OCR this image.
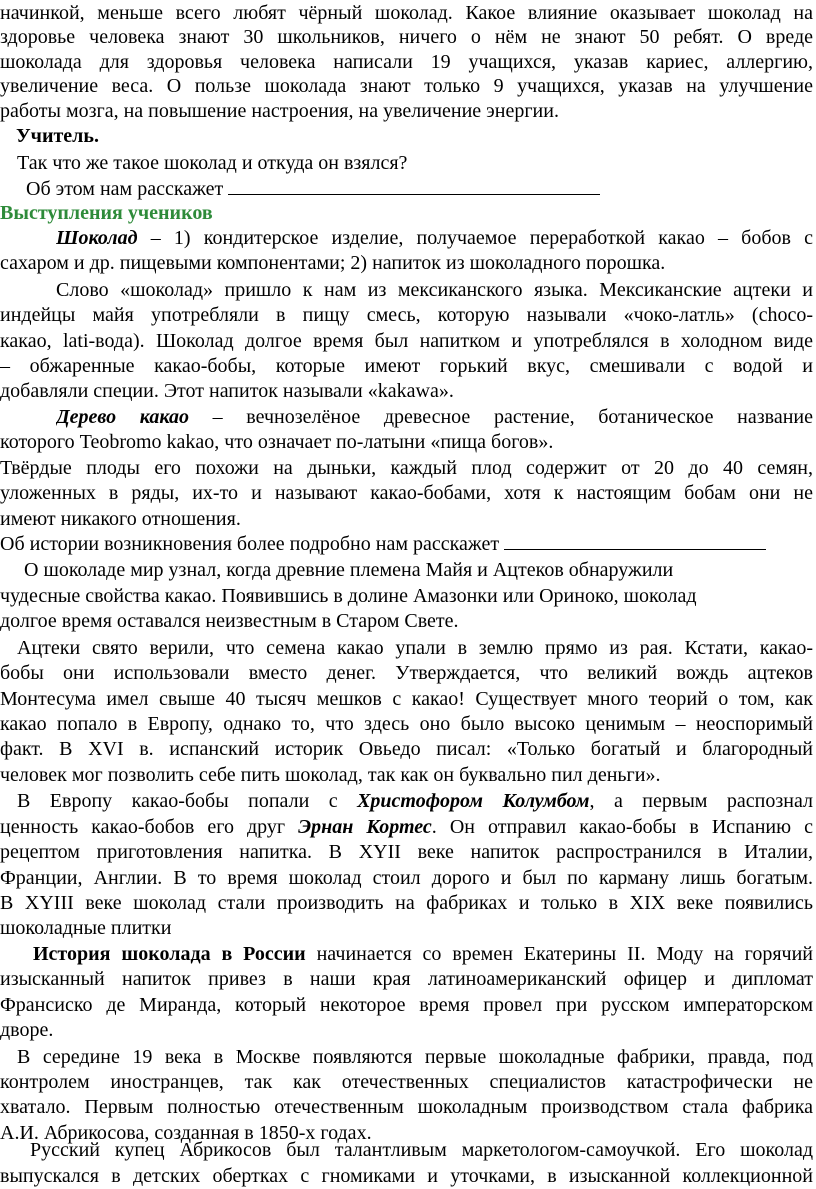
начинкой, меньше всего любят чёрный шоколад. Какое влияние оказывает шоколад на

здоровье человека знают 30 школьников, ничего о нём не знают 50 ребят. О вреде

шоколада для здоровья человека написали 19 учащихся, указав кариес, аллергию,

увеличение веса. О пользе шоколада знают только 9 учащихся, указав на улучшение

работы мозга, на повышение настроения, на увеличение энергии.

Учитель.

Так что же такое шоколад и откуда он взялся?

Об этом нам расскажет

Выступления учеников

Шоколад – 1) кондитерское изделие, получаемое переработкой какао – бобов с

сахаром и др. пищевыми компонентами; 2) напиток из шоколадного порошка.

Слово «шоколад» пришло к нам из мексиканского языка. Мексиканские ацтеки и

индейцы майя употребляли в пищу смесь, которую называли «чоко-латль» (choco-

какао, lati-вода). Шоколад долгое время был напитком и употреблялся в холодном виде

– обжаренные какао-бобы, которые имеют горький вкус, смешивали с водой и

добавляли специи. Этот напиток называли «kakawa».

Дерево какао – вечнозелёное древесное растение, ботаническое название

которого Teobromo kakao, что означает по-латыни «пища богов».

Твёрдые плоды его похожи на дыньки, каждый плод содержит от 20 до 40 семян,

уложенных в ряды, их-то и называют какао-бобами, хотя к настоящим бобам они не

имеют никакого отношения.

Об истории возникновения более подробно нам расскажет

О шоколаде мир узнал, когда древние племена Майя и Ацтеков обнаружили

чудесные свойства какао. Появившись в долине Амазонки или Ориноко, шоколад

долгое время оставался неизвестным в Старом Свете.

Ацтеки свято верили, что семена какао упали в землю прямо из рая. Кстати, какао-

бобы они использовали вместо денег. Утверждается, что великий вождь ацтеков

Монтесума имел свыше 40 тысяч мешков с какао! Существует много теорий о том, как

какао попало в Европу, однако то, что здесь оно было высоко ценимым – неоспоримый

факт. В XVI в. испанский историк Овьедо писал: «Только богатый и благородный

человек мог позволить себе пить шоколад, так как он буквально пил деньги».

В Европу какао-бобы попали с Христофором Колумбом, а первым распознал

ценность какао-бобов его друг Эрнан Кортес. Он отправил какао-бобы в Испанию с

рецептом приготовления напитка. В XYII веке напиток распространился в Италии,

Франции, Англии. В то время шоколад стоил дорого и был по карману лишь богатым.

В XYIII веке шоколад стали производить на фабриках и только в XIX веке появились

шоколадные плитки

История шоколада в России начинается со времен Екатерины II. Моду на горячий

изысканный напиток привез в наши края латиноамериканский офицер и дипломат

Франсиско де Миранда, который некоторое время провел при русском императорском

дворе.

В середине 19 века в Москве появляются первые шоколадные фабрики, правда, под

контролем иностранцев, так как отечественных специалистов катастрофически не

хватало. Первым полностью отечественным шоколадным производством стала фабрика

А.И. Абрикосова, созданная в 1850-х годах.

Русский купец Абрикосов был талантливым маркетологом-самоучкой. Его шоколад

выпускался в детских обертках с гномиками и уточками, в изысканной коллекционной
